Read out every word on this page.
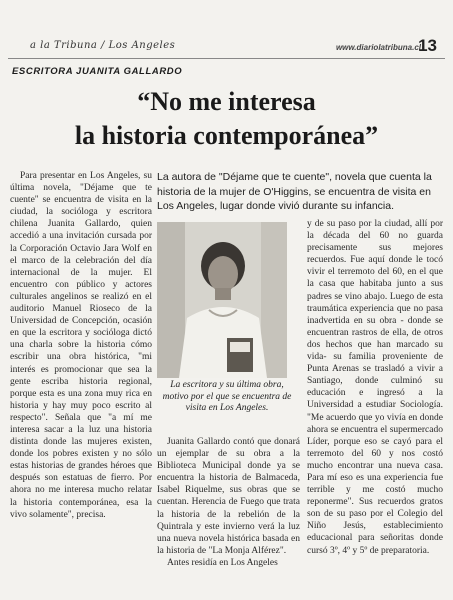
a la Tribuna / Los Angeles	www.diariolatribuna.cl
13
ESCRITORA JUANITA GALLARDO
“No me interesa
la historia contemporánea”
La autora de "Déjame que te cuente", novela que cuenta la historia de la mujer de O'Higgins, se encuentra de visita en Los Angeles, lugar donde vivió durante su infancia.

Para presentar en Los Angeles, su última novela, "Déjame que te cuente" se encuentra de visita en la ciudad, la socióloga y escritora chilena Juanita Gallardo, quien accedió a una invitación cursada por la Corporación Octavio Jara Wolf en el marco de la celebración del día internacional de la mujer. El encuentro con público y actores culturales angelinos se realizó en el auditorio Manuel Rioseco de la Universidad de Concepción, ocasión en que la escritora y socióloga dictó una charla sobre la historia cómo escribir una obra histórica, "mi interés es promocionar que sea la gente escriba historia regional, porque esta es una zona muy rica en historia y hay muy poco escrito al respecto". Señala que "a mí me interesa sacar a la luz una historia distinta donde las mujeres existen, donde los pobres existen y no sólo estas historias de grandes héroes que después son estatuas de fierro. Por ahora no me interesa mucho relatar la historia contemporánea, esa la vivo solamente", precisa.

La escritora y su última obra, motivo por el que se encuentra de visita en Los Angeles.

Juanita Gallardo contó que donará un ejemplar de su obra a la Biblioteca Municipal donde ya se encuentra la historia de Balmaceda, Isabel Riquelme, sus obras que se cuentan. Herencia de Fuego que trata la historia de la rebelión de la Quintrala y este invierno verá la luz una nueva novela histórica basada en la historia de "La Monja Alférez".

Antes residía en Los Angeles

y de su paso por la ciudad, allí por la década del 60 no guarda precisamente sus mejores recuerdos. Fue aquí donde le tocó vivir el terremoto del 60, en el que la casa que habitaba junto a sus padres se vino abajo. Luego de esta traumática experiencia que no pasa inadvertida en su obra - donde se encuentran rastros de ella, de otros dos hechos que han marcado su vida- su familia proveniente de Punta Arenas se trasladó a vivir a Santiago, donde culminó su educación e ingresó a la Universidad a estudiar Sociología. "Me acuerdo que yo vivía en donde ahora se encuentra el supermercado Líder, porque eso se cayó para el terremoto del 60 y nos costó mucho encontrar una nueva casa. Para mí eso es una experiencia fue terrible y me costó mucho reponerme". Sus recuerdos gratos son de su paso por el Colegio del Niño Jesús, establecimiento educacional para señoritas donde cursó 3º, 4º y 5º de preparatoria.
